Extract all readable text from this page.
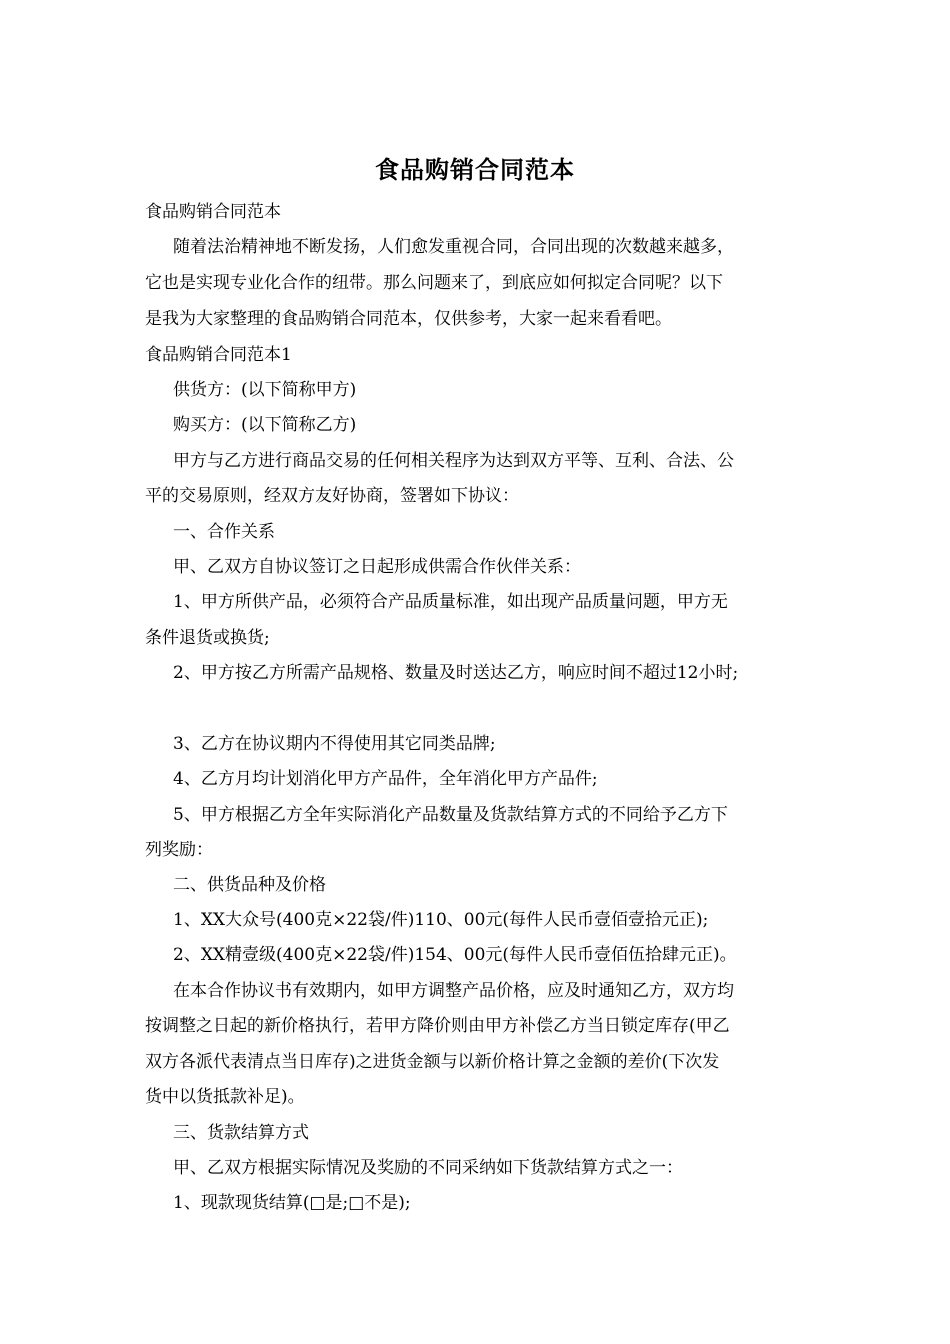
食品购销合同范本
食品购销合同范本
随着法治精神地不断发扬，人们愈发重视合同，合同出现的次数越来越多，
它也是实现专业化合作的纽带。那么问题来了，到底应如何拟定合同呢？以下
是我为大家整理的食品购销合同范本，仅供参考，大家一起来看看吧。
食品购销合同范本1
供货方：(以下简称甲方)
购买方：(以下简称乙方)
甲方与乙方进行商品交易的任何相关程序为达到双方平等、互利、合法、公
平的交易原则，经双方友好协商，签署如下协议：
一、合作关系
甲、乙双方自协议签订之日起形成供需合作伙伴关系：
1、甲方所供产品，必须符合产品质量标准，如出现产品质量问题，甲方无
条件退货或换货;
2、甲方按乙方所需产品规格、数量及时送达乙方，响应时间不超过12小时;
3、乙方在协议期内不得使用其它同类品牌;
4、乙方月均计划消化甲方产品件，全年消化甲方产品件;
5、甲方根据乙方全年实际消化产品数量及货款结算方式的不同给予乙方下
列奖励：
二、供货品种及价格
1、XX大众号(400克×22袋/件)110、00元(每件人民币壹佰壹拾元正);
2、XX精壹级(400克×22袋/件)154、00元(每件人民币壹佰伍拾肆元正)。
在本合作协议书有效期内，如甲方调整产品价格，应及时通知乙方，双方均
按调整之日起的新价格执行，若甲方降价则由甲方补偿乙方当日锁定库存(甲乙
双方各派代表清点当日库存)之进货金额与以新价格计算之金额的差价(下次发
货中以货抵款补足)。
三、货款结算方式
甲、乙双方根据实际情况及奖励的不同采纳如下货款结算方式之一：
1、现款现货结算(□是;□不是);
